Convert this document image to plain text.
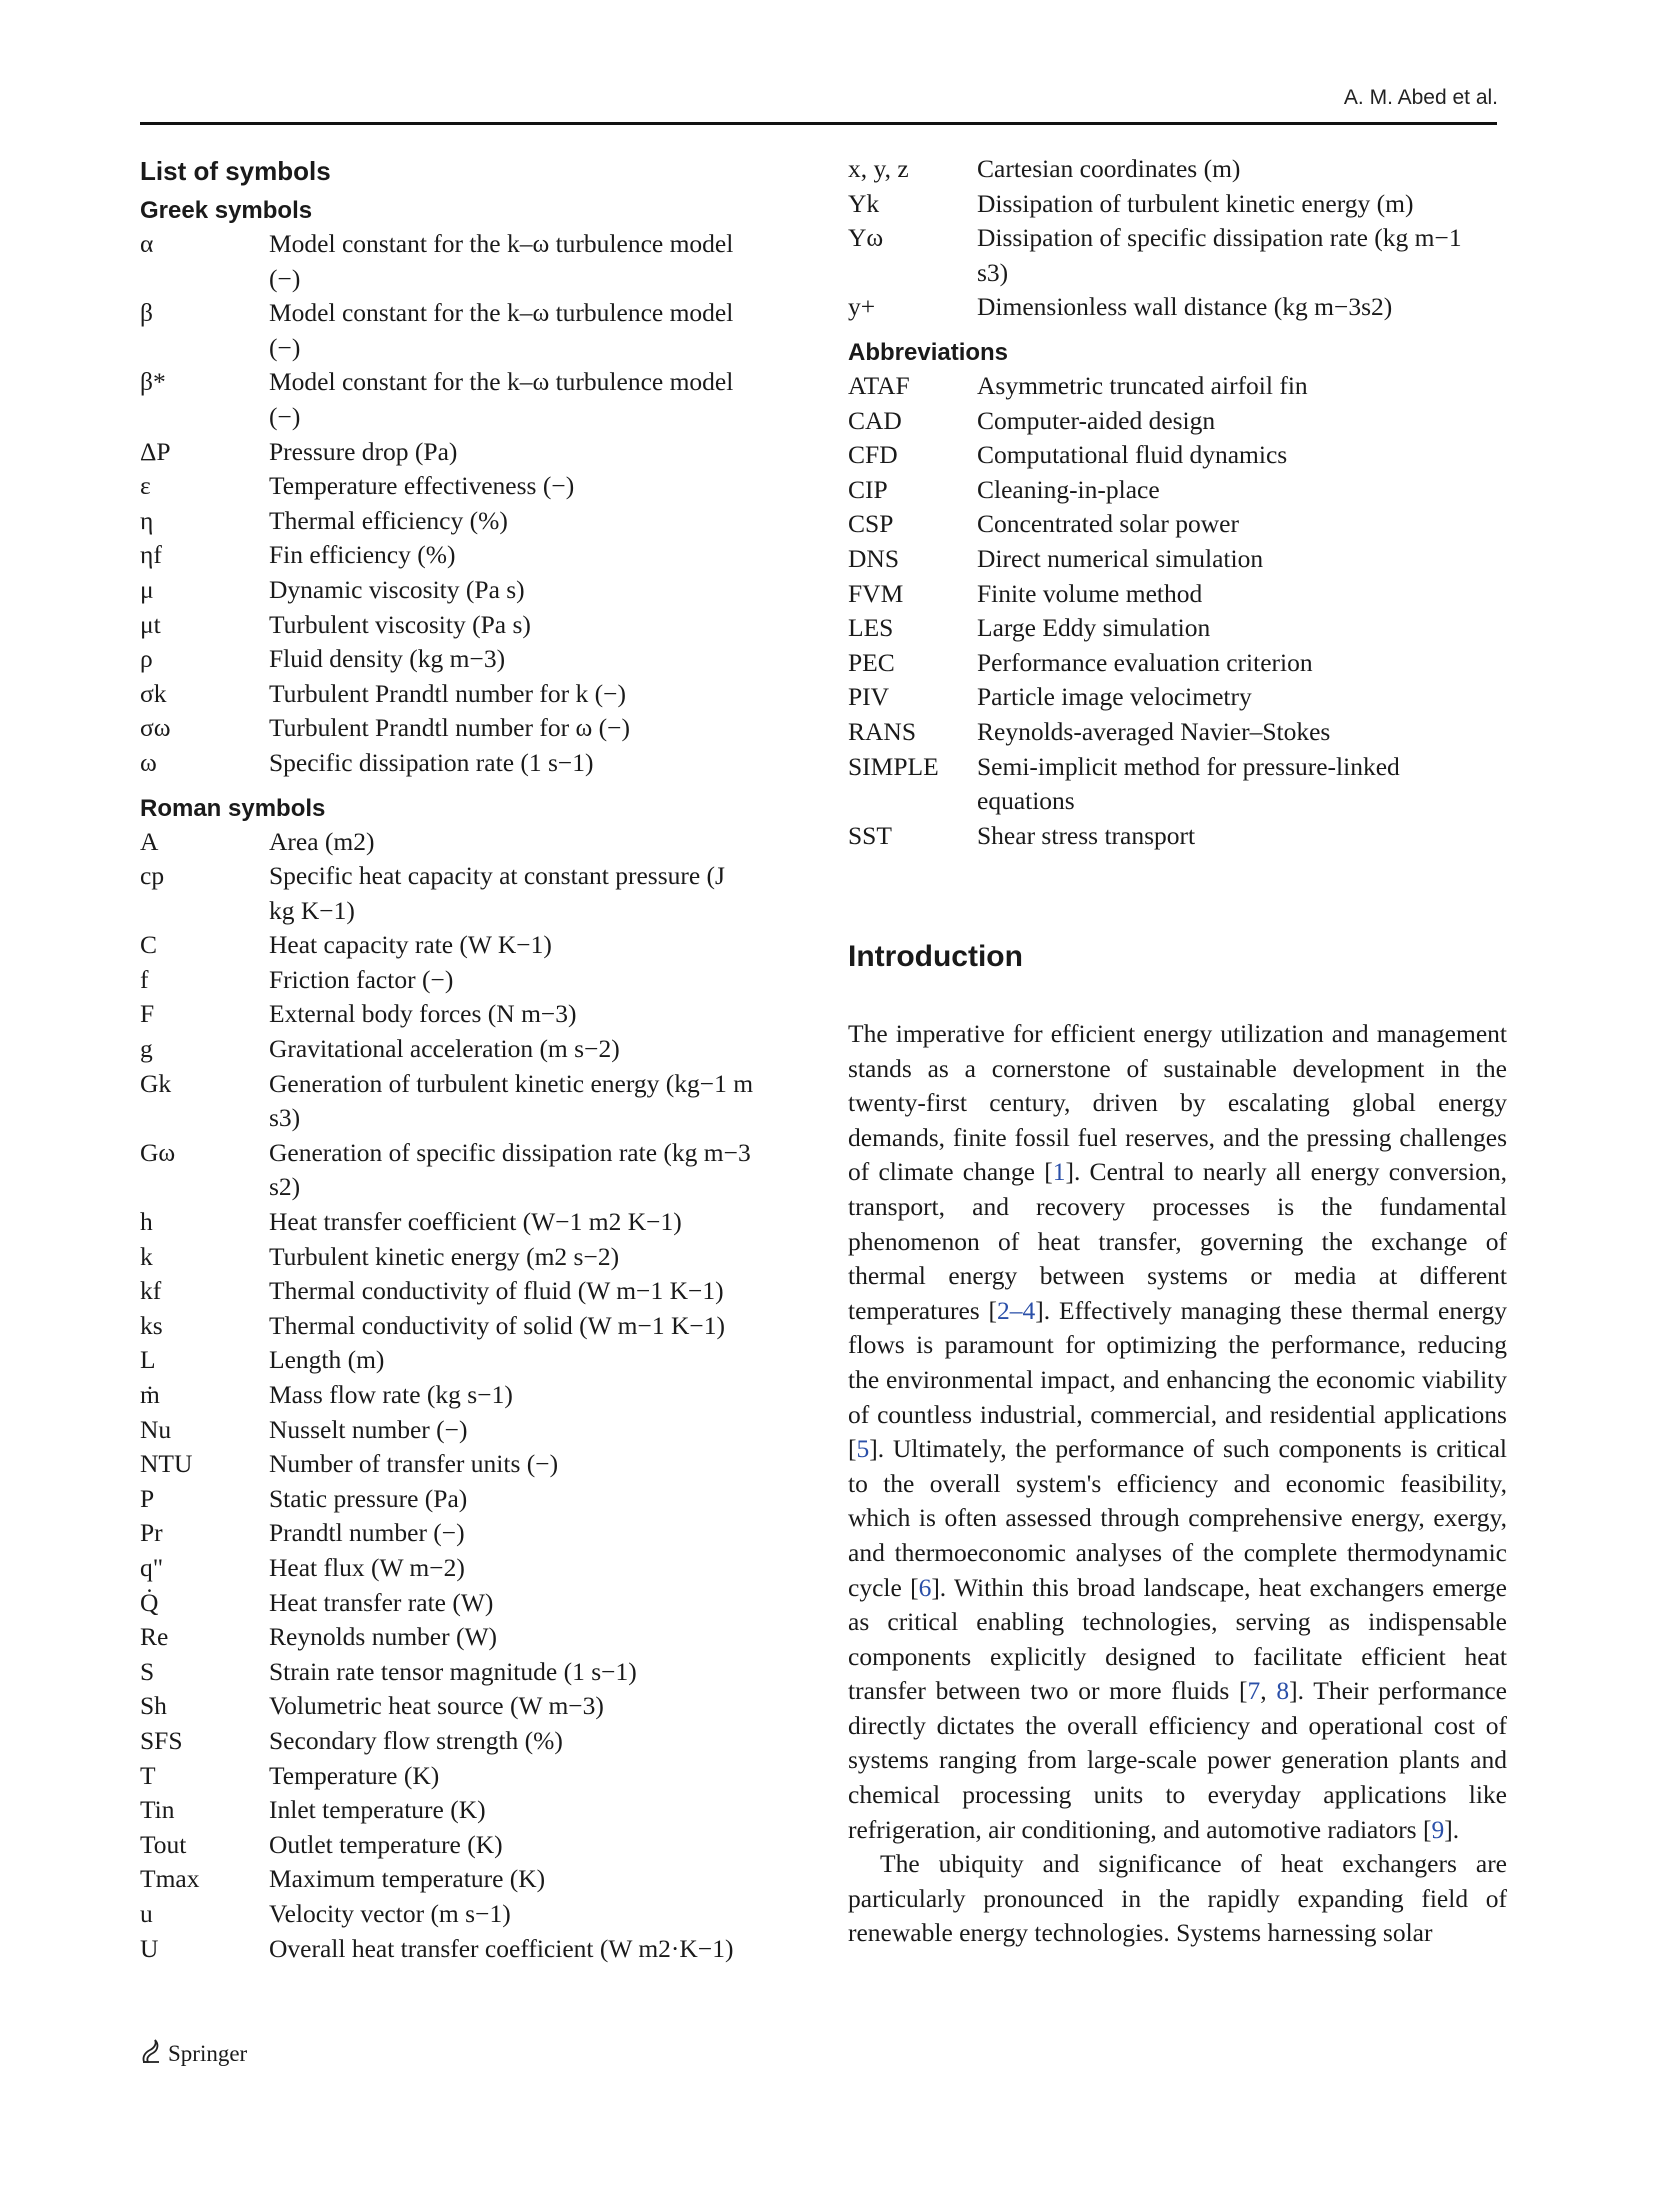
A. M. Abed et al.
List of symbols
Greek symbols
α	Model constant for the k–ω turbulence model
(−)
β	Model constant for the k–ω turbulence model
(−)
β*	Model constant for the k–ω turbulence model
(−)
ΔP	Pressure drop (Pa)
ε	Temperature effectiveness (−)
η	Thermal efficiency (%)
ηf	Fin efficiency (%)
μ	Dynamic viscosity (Pa s)
μt	Turbulent viscosity (Pa s)
ρ	Fluid density (kg m−3)
σk	Turbulent Prandtl number for k (−)
σω	Turbulent Prandtl number for ω (−)
ω	Specific dissipation rate (1 s−1)
Roman symbols
A	Area (m2)
cp	Specific heat capacity at constant pressure (J
kg K−1)
C	Heat capacity rate (W K−1)
f	Friction factor (−)
F	External body forces (N m−3)
g	Gravitational acceleration (m s−2)
Gk	Generation of turbulent kinetic energy (kg−1 m
s3)
Gω	Generation of specific dissipation rate (kg m−3
s2)
h	Heat transfer coefficient (W−1 m2 K−1)
k	Turbulent kinetic energy (m2 s−2)
kf	Thermal conductivity of fluid (W m−1 K−1)
ks	Thermal conductivity of solid (W m−1 K−1)
L	Length (m)
ṁ	Mass flow rate (kg s−1)
Nu	Nusselt number (−)
NTU	Number of transfer units (−)
P	Static pressure (Pa)
Pr	Prandtl number (−)
q"	Heat flux (W m−2)
Q̇	Heat transfer rate (W)
Re	Reynolds number (W)
S	Strain rate tensor magnitude (1 s−1)
Sh	Volumetric heat source (W m−3)
SFS	Secondary flow strength (%)
T	Temperature (K)
Tin	Inlet temperature (K)
Tout	Outlet temperature (K)
Tmax	Maximum temperature (K)
u	Velocity vector (m s−1)
U	Overall heat transfer coefficient (W m2·K−1)
x, y, z	Cartesian coordinates (m)
Yk	Dissipation of turbulent kinetic energy (m)
Yω	Dissipation of specific dissipation rate (kg m−1
s3)
y+	Dimensionless wall distance (kg m−3s2)
Abbreviations
ATAF	Asymmetric truncated airfoil fin
CAD	Computer-aided design
CFD	Computational fluid dynamics
CIP	Cleaning-in-place
CSP	Concentrated solar power
DNS	Direct numerical simulation
FVM	Finite volume method
LES	Large Eddy simulation
PEC	Performance evaluation criterion
PIV	Particle image velocimetry
RANS	Reynolds-averaged Navier–Stokes
SIMPLE	Semi-implicit method for pressure-linked
equations
SST	Shear stress transport
Introduction

The imperative for efficient energy utilization and management stands as a cornerstone of sustainable development in the twenty-first century, driven by escalating global energy demands, finite fossil fuel reserves, and the pressing challenges of climate change [1]. Central to nearly all energy conversion, transport, and recovery processes is the fundamental phenomenon of heat transfer, governing the exchange of thermal energy between systems or media at different temperatures [2–4]. Effectively managing these thermal energy flows is paramount for optimizing the performance, reducing the environmental impact, and enhancing the economic viability of countless industrial, commercial, and residential applications [5]. Ultimately, the performance of such components is critical to the overall system's efficiency and economic feasibility, which is often assessed through comprehensive energy, exergy, and thermoeconomic analyses of the complete thermodynamic cycle [6]. Within this broad landscape, heat exchangers emerge as critical enabling technologies, serving as indispensable components explicitly designed to facilitate efficient heat transfer between two or more fluids [7, 8]. Their performance directly dictates the overall efficiency and operational cost of systems ranging from large-scale power generation plants and chemical processing units to everyday applications like refrigeration, air conditioning, and automotive radiators [9].

The ubiquity and significance of heat exchangers are particularly pronounced in the rapidly expanding field of renewable energy technologies. Systems harnessing solar

Springer
